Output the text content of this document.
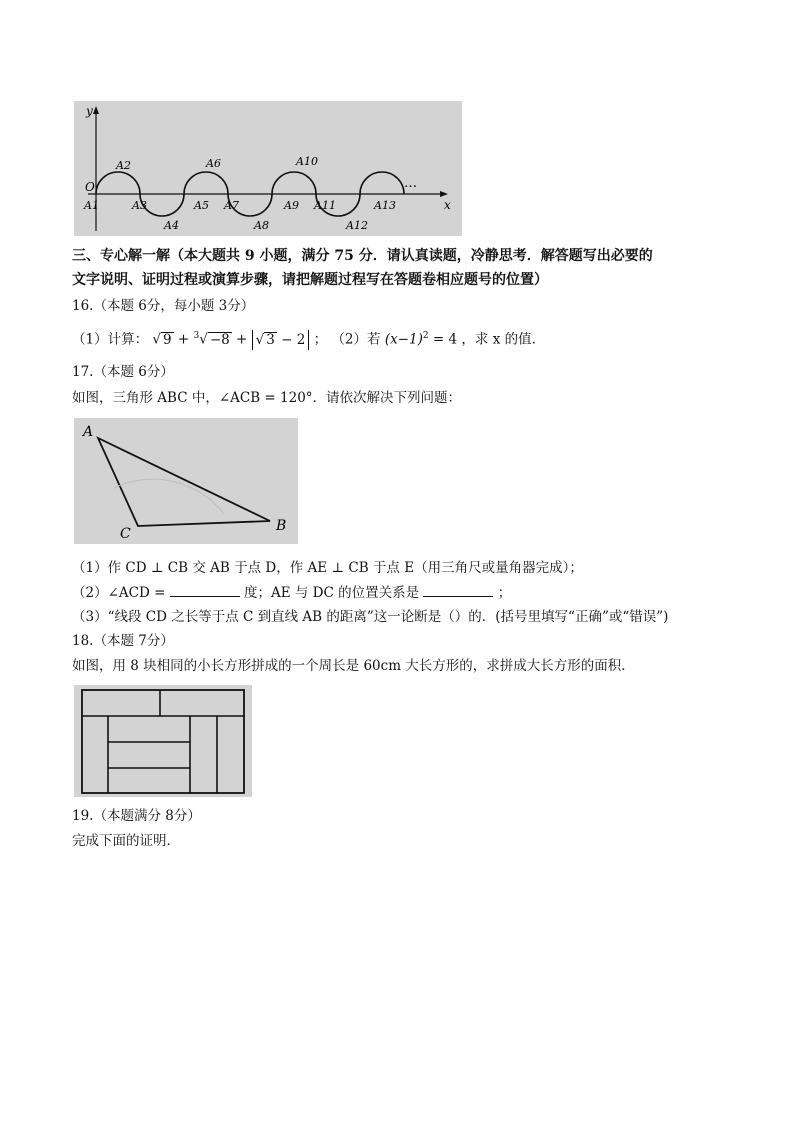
y
x
O	…
A1
A2
A3
A4
A5
A6
A7
A8
A9
A10
A11
A12
A13
三、专心解一解（本大题共 9 小题，满分 75 分．请认真读题，冷静思考．解答题写出必要的
文字说明、证明过程或演算步骤，请把解题过程写在答题卷相应题号的位置）
16.（本题 6分，每小题 3分）
（1）计算： √ 9 + $^3$√ −8 + √ 3 − 2 ； （2）若 $(x-1)^2 = 4$ ，求 x 的值．
17.（本题 6分）
如图，三角形 ABC 中，∠ACB = 120°．请依次解决下列问题：
A
B
C
（1）作 CD ⊥ CB 交 AB 于点 D，作 AE ⊥ CB 于点 E（用三角尺或量角器完成）；
（2）∠ACD =	度；AE 与 DC 的位置关系是	；
（3）“线段 CD 之长等于点 C 到直线 AB 的距离”这一论断是（）的．(括号里填写“正确”或“错误”)
18.（本题 7分）
如图，用 8 块相同的小长方形拼成的一个周长是 60cm 大长方形的，求拼成大长方形的面积．
19.（本题满分 8分）
完成下面的证明．
